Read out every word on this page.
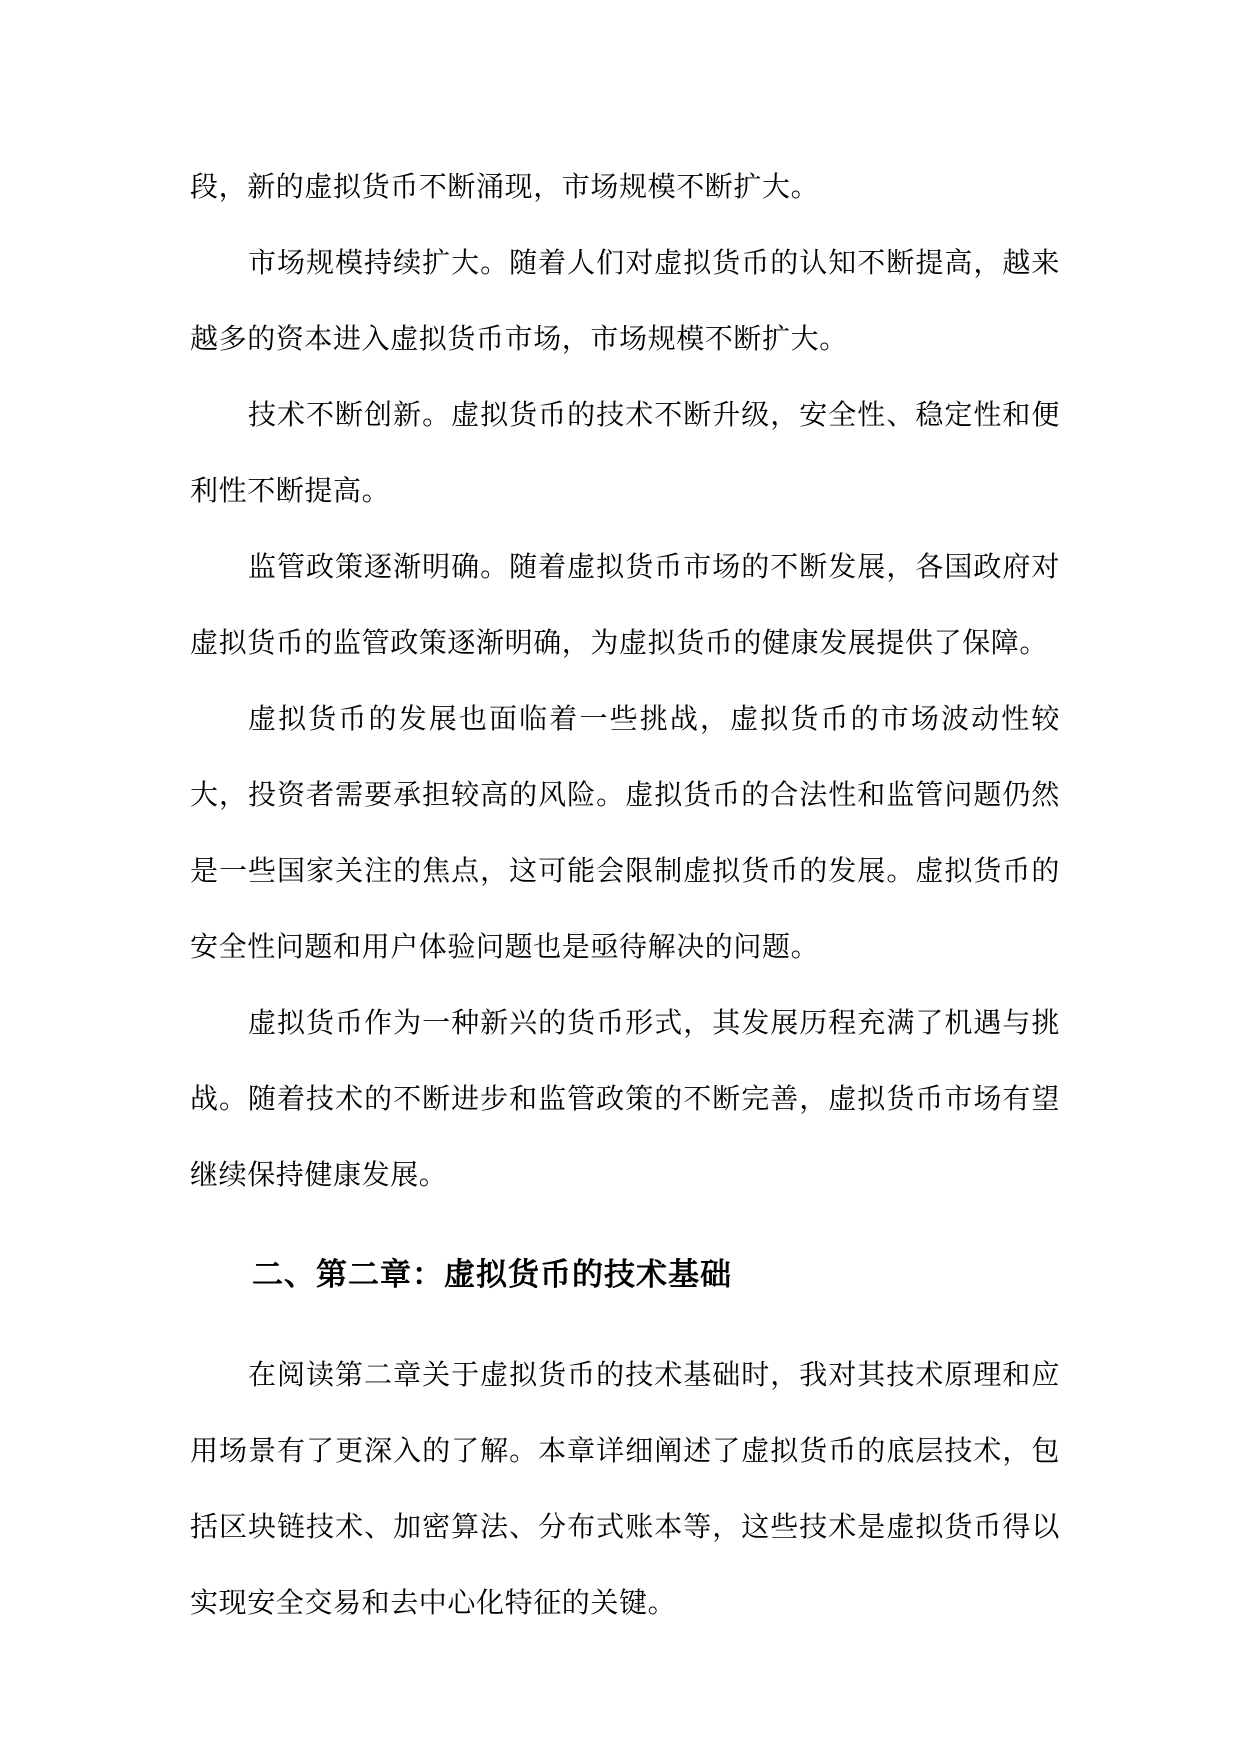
段，新的虚拟货币不断涌现，市场规模不断扩大。

市场规模持续扩大。随着人们对虚拟货币的认知不断提高，越来越多的资本进入虚拟货币市场，市场规模不断扩大。

技术不断创新。虚拟货币的技术不断升级，安全性、稳定性和便利性不断提高。

监管政策逐渐明确。随着虚拟货币市场的不断发展，各国政府对虚拟货币的监管政策逐渐明确，为虚拟货币的健康发展提供了保障。

虚拟货币的发展也面临着一些挑战，虚拟货币的市场波动性较大，投资者需要承担较高的风险。虚拟货币的合法性和监管问题仍然是一些国家关注的焦点，这可能会限制虚拟货币的发展。虚拟货币的安全性问题和用户体验问题也是亟待解决的问题。

虚拟货币作为一种新兴的货币形式，其发展历程充满了机遇与挑战。随着技术的不断进步和监管政策的不断完善，虚拟货币市场有望继续保持健康发展。

二、第二章：虚拟货币的技术基础

在阅读第二章关于虚拟货币的技术基础时，我对其技术原理和应用场景有了更深入的了解。本章详细阐述了虚拟货币的底层技术，包括区块链技术、加密算法、分布式账本等，这些技术是虚拟货币得以实现安全交易和去中心化特征的关键。
